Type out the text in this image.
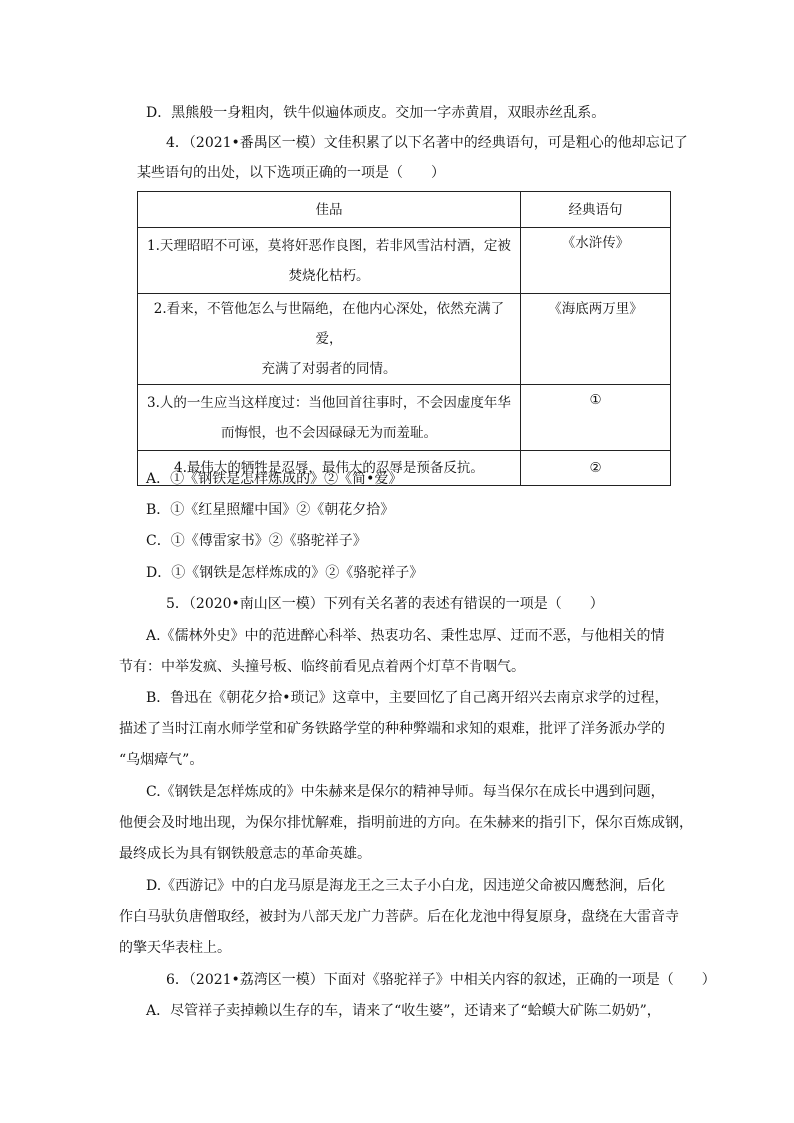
D．黑熊般一身粗肉，铁牛似遍体顽皮。交加一字赤黄眉，双眼赤丝乱系。
4．（2021•番禺区一模）文佳积累了以下名著中的经典语句，可是粗心的他却忘记了
某些语句的出处，以下选项正确的一项是（　　）
佳品	经典语句

1.天理昭昭不可诬，莫将奸恶作良图，若非风雪沽村酒，定被
焚烧化枯朽。	《水浒传》

2.看来，不管他怎么与世隔绝，在他内心深处，依然充满了爱，
充满了对弱者的同情。	《海底两万里》

3.人的一生应当这样度过：当他回首往事时，不会因虚度年华
而悔恨，也不会因碌碌无为而羞耻。	①

4.最伟大的牺牲是忍辱，最伟大的忍辱是预备反抗。	②
A．①《钢铁是怎样炼成的》②《简•爱》
B．①《红星照耀中国》②《朝花夕拾》
C．①《傅雷家书》②《骆驼祥子》
D．①《钢铁是怎样炼成的》②《骆驼祥子》
5．（2020•南山区一模）下列有关名著的表述有错误的一项是（　　）
A.《儒林外史》中的范进醉心科举、热衷功名、秉性忠厚、迂而不恶，与他相关的情
节有：中举发疯、头撞号板、临终前看见点着两个灯草不肯咽气。
B．鲁迅在《朝花夕拾•琐记》这章中，主要回忆了自己离开绍兴去南京求学的过程，
描述了当时江南水师学堂和矿务铁路学堂的种种弊端和求知的艰难，批评了洋务派办学的
“乌烟瘴气”。
C.《钢铁是怎样炼成的》中朱赫来是保尔的精神导师。每当保尔在成长中遇到问题，
他便会及时地出现，为保尔排忧解难，指明前进的方向。在朱赫来的指引下，保尔百炼成钢，
最终成长为具有钢铁般意志的革命英雄。
D.《西游记》中的白龙马原是海龙王之三太子小白龙，因违逆父命被囚鹰愁涧，后化
作白马驮负唐僧取经，被封为八部天龙广力菩萨。后在化龙池中得复原身，盘绕在大雷音寺
的擎天华表柱上。
6．（2021•荔湾区一模）下面对《骆驼祥子》中相关内容的叙述，正确的一项是（　　）
A．尽管祥子卖掉赖以生存的车，请来了“收生婆”，还请来了“蛤蟆大矿陈二奶奶”，
